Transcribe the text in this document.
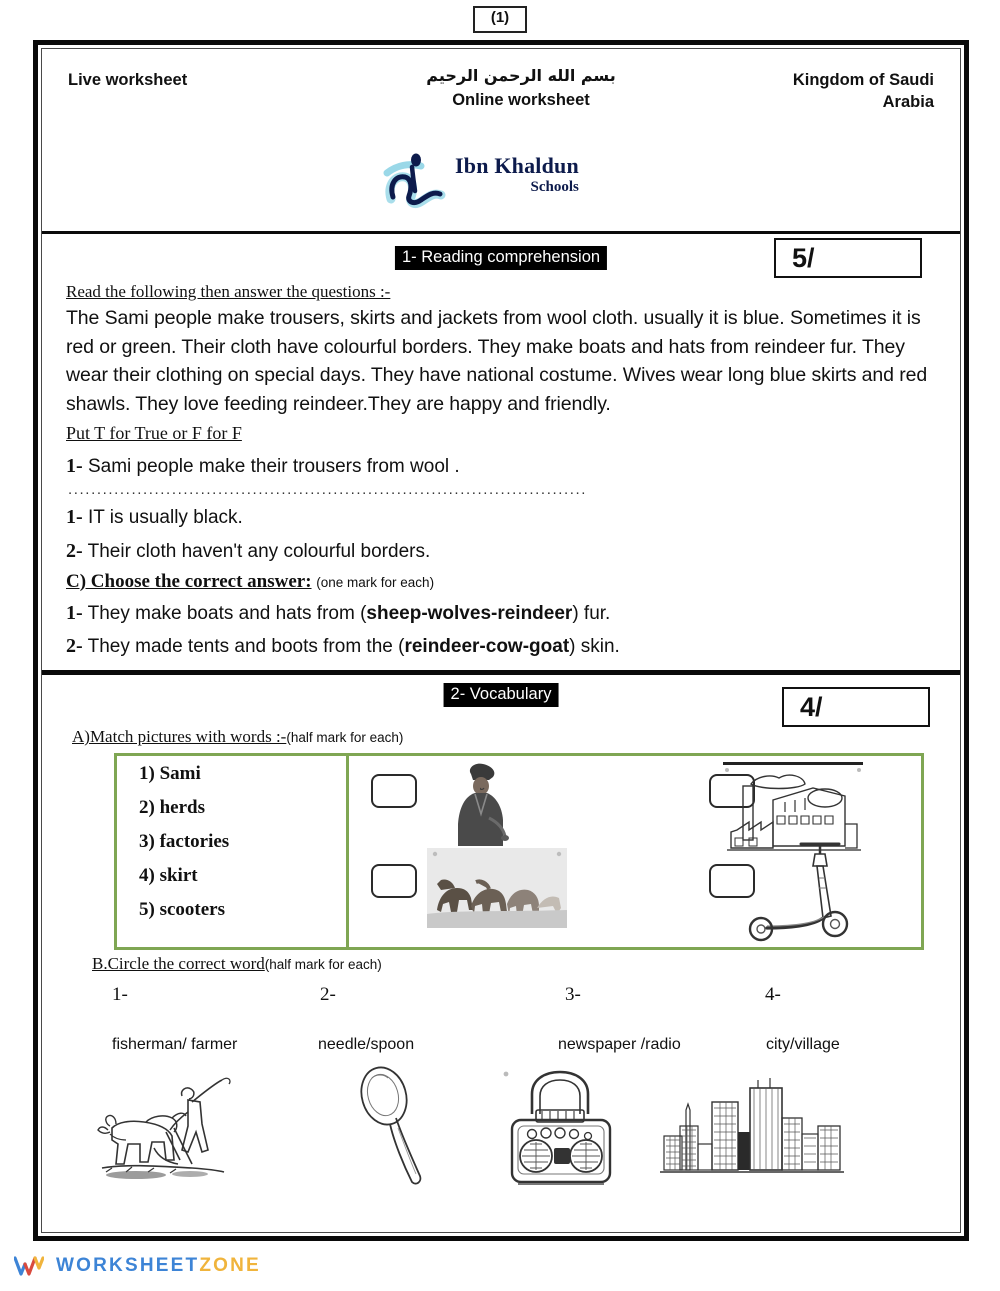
(1)
Live worksheet	بسم الله الرحمن الرحيم
Online worksheet
Kingdom of Saudi
Arabia
Ibn Khaldun
Schools
1- Reading comprehension	5/
Read the following then answer the questions :-

The Sami people make trousers, skirts and jackets from wool cloth. usually it is blue. Sometimes it is red or green. Their cloth have colourful borders. They make boats and hats from reindeer fur. They wear their clothing on special days. They have national costume. Wives wear long blue skirts and red shawls. They love feeding reindeer.They are happy and friendly.

Put T for True or F for F
1- Sami people make their trousers from wool .
..........................................................................................
1- IT is usually black.
2- Their cloth haven't any colourful borders.
C) Choose the correct answer: (one mark for each)
1- They make boats and hats from (sheep-wolves-reindeer) fur.
2- They made tents and boots from the (reindeer-cow-goat) skin.
2- Vocabulary	4/
A)Match pictures with words :-(half mark for each)
1) Sami
2) herds
3) factories
4) skirt
5) scooters
B.Circle the correct word(half mark for each)
1-	2-	3-	4-
fisherman/ farmer	needle/spoon	newspaper /radio	city/village
WORKSHEETZONE
